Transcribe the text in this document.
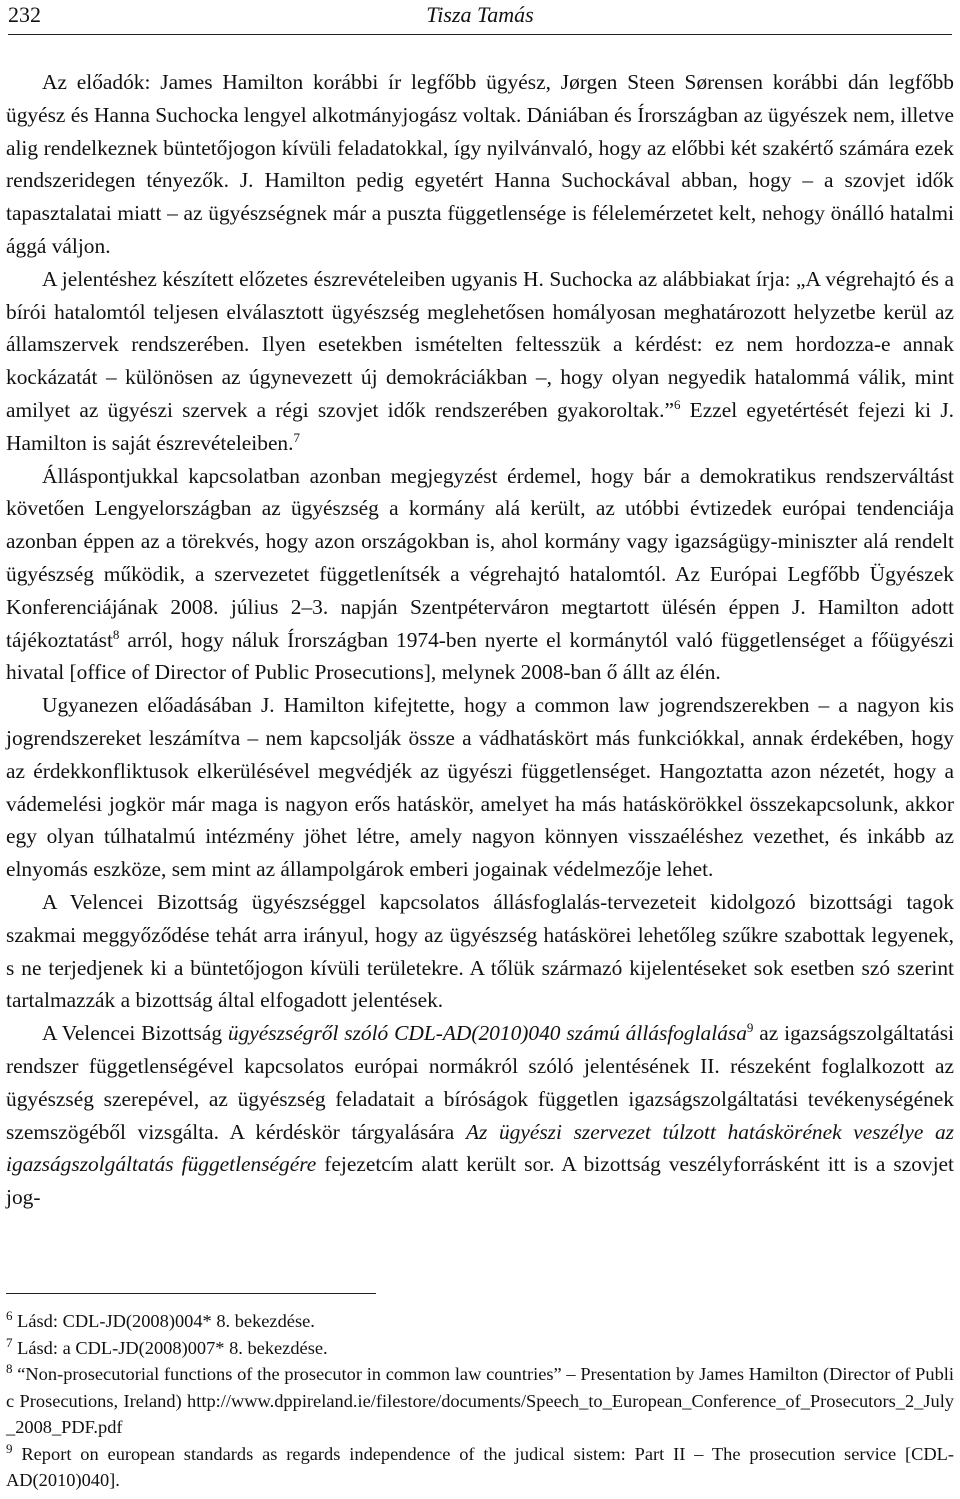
232	Tisza Tamás

Az előadók: James Hamilton korábbi ír legfőbb ügyész, Jørgen Steen Sørensen korábbi dán legfőbb ügyész és Hanna Suchocka lengyel alkotmányjogász voltak. Dániában és Írországban az ügyészek nem, illetve alig rendelkeznek büntetőjogon kívüli feladatokkal, így nyilvánvaló, hogy az előbbi két szakértő számára ezek rendszeridegen tényezők. J. Hamilton pedig egyetért Hanna Suchockával abban, hogy – a szovjet idők tapasztalatai miatt – az ügyészségnek már a puszta függetlensége is félelemérzetet kelt, nehogy önálló hatalmi ággá váljon.

A jelentéshez készített előzetes észrevételeiben ugyanis H. Suchocka az alábbiakat írja: „A végrehajtó és a bírói hatalomtól teljesen elválasztott ügyészség meglehetősen homályosan meghatározott helyzetbe kerül az államszervek rendszerében. Ilyen esetekben ismételten feltesszük a kérdést: ez nem hordozza-e annak kockázatát – különösen az úgynevezett új demokráciákban –, hogy olyan negyedik hatalommá válik, mint amilyet az ügyészi szervek a régi szovjet idők rendszerében gyakoroltak.”$^6$ Ezzel egyetértését fejezi ki J. Hamilton is saját észrevételeiben.$^7$

Álláspontjukkal kapcsolatban azonban megjegyzést érdemel, hogy bár a demokratikus rendszerváltást követően Lengyelországban az ügyészség a kormány alá került, az utóbbi évtizedek európai tendenciája azonban éppen az a törekvés, hogy azon országokban is, ahol kormány vagy igazságügy-miniszter alá rendelt ügyészség működik, a szervezetet függetlenítsék a végrehajtó hatalomtól. Az Európai Legfőbb Ügyészek Konferenciájának 2008. július 2–3. napján Szentpéterváron megtartott ülésén éppen J. Hamilton adott tájékoztatást$^8$ arról, hogy náluk Írországban 1974-ben nyerte el kormánytól való függetlenséget a főügyészi hivatal [office of Director of Public Prosecutions], melynek 2008-ban ő állt az élén.

Ugyanezen előadásában J. Hamilton kifejtette, hogy a common law jogrendszerekben – a nagyon kis jogrendszereket leszámítva – nem kapcsolják össze a vádhatáskört más funkciókkal, annak érdekében, hogy az érdekkonfliktusok elkerülésével megvédjék az ügyészi függetlenséget. Hangoztatta azon nézetét, hogy a vádemelési jogkör már maga is nagyon erős hatáskör, amelyet ha más hatáskörökkel összekapcsolunk, akkor egy olyan túlhatalmú intézmény jöhet létre, amely nagyon könnyen visszaéléshez vezethet, és inkább az elnyomás eszköze, sem mint az állampolgárok emberi jogainak védelmezője lehet.

A Velencei Bizottság ügyészséggel kapcsolatos állásfoglalás-tervezeteit kidolgozó bizottsági tagok szakmai meggyőződése tehát arra irányul, hogy az ügyészség hatáskörei lehetőleg szűkre szabottak legyenek, s ne terjedjenek ki a büntetőjogon kívüli területekre. A tőlük származó kijelentéseket sok esetben szó szerint tartalmazzák a bizottság által elfogadott jelentések.

A Velencei Bizottság ügyészségről szóló CDL-AD(2010)040 számú állásfoglalása$^9$ az igazságszolgáltatási rendszer függetlenségével kapcsolatos európai normákról szóló jelentésének II. részeként foglalkozott az ügyészség szerepével, az ügyészség feladatait a bíróságok független igazságszolgáltatási tevékenységének szemszögéből vizsgálta. A kérdéskör tárgyalására Az ügyészi szervezet túlzott hatáskörének veszélye az igazságszolgáltatás függetlenségére fejezetcím alatt került sor. A bizottság veszélyforrásként itt is a szovjet jog-

$^6$ Lásd: CDL-JD(2008)004* 8. bekezdése.

$^7$ Lásd: a CDL-JD(2008)007* 8. bekezdése.

$^8$ “Non-prosecutorial functions of the prosecutor in common law countries” – Presentation by James Hamilton (Director of Public Prosecutions, Ireland) http://www.dppireland.ie/filestore/documents/Speech_to_European_Conference_of_Prosecutors_2_July_2008_PDF.pdf

$^9$ Report on european standards as regards independence of the judical sistem: Part II – The prosecution service [CDL-AD(2010)040].
